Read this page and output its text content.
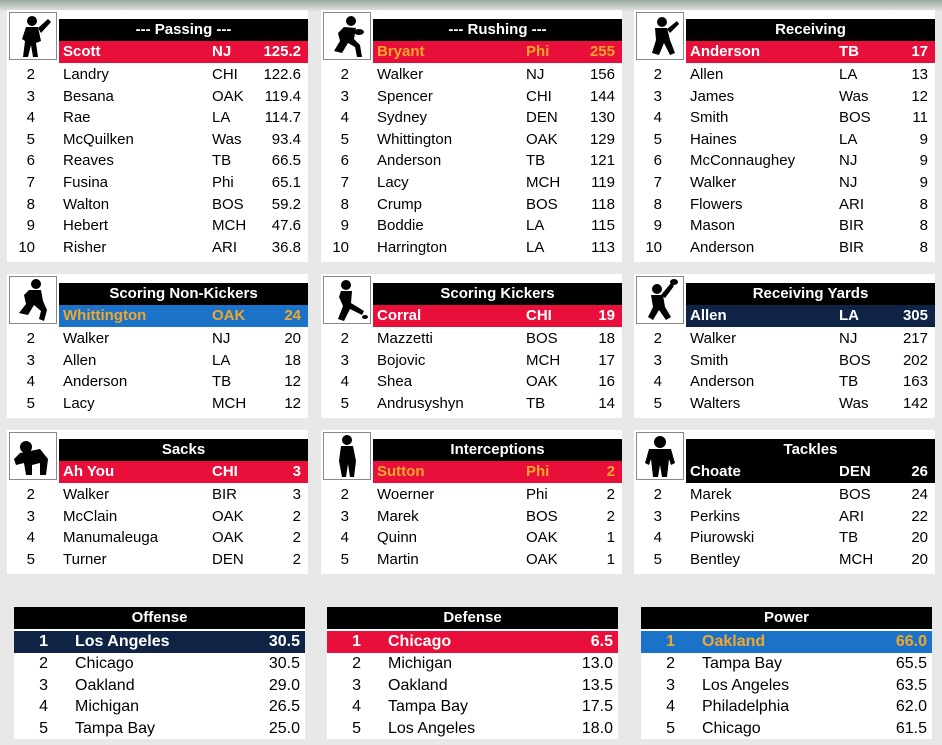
--- Passing ---
Scott	NJ	125.2
2 Landry	CHI	122.6
3 Besana	OAK	119.4
4 Rae	LA	114.7
5 McQuilken	Was	93.4
6 Reaves	TB	66.5
7 Fusina	Phi	65.1
8 Walton	BOS	59.2
9 Hebert	MCH	47.6
10 Risher	ARI	36.8
--- Rushing ---
Bryant	Phi	255
2 Walker	NJ	156
3 Spencer	CHI	144
4 Sydney	DEN	130
5 Whittington	OAK	129
6 Anderson	TB	121
7 Lacy	MCH	119
8 Crump	BOS	118
9 Boddie	LA	115
10 Harrington	LA	113
Receiving
Anderson	TB	17
2 Allen	LA	13
3 James	Was	12
4 Smith	BOS	11
5 Haines	LA	9
6 McConnaughey	NJ	9
7 Walker	NJ	9
8 Flowers	ARI	8
9 Mason	BIR	8
10 Anderson	BIR	8
Scoring Non-Kickers
Whittington	OAK	24
2 Walker	NJ	20
3 Allen	LA	18
4 Anderson	TB	12
5 Lacy	MCH	12
Scoring Kickers
Corral	CHI	19
2 Mazzetti	BOS	18
3 Bojovic	MCH	17
4 Shea	OAK	16
5 Andrusyshyn	TB	14
Receiving Yards
Allen	LA	305
2 Walker	NJ	217
3 Smith	BOS	202
4 Anderson	TB	163
5 Walters	Was	142
Sacks
Ah You	CHI	3
2 Walker	BIR	3
3 McClain	OAK	2
4 Manumaleuga	OAK	2
5 Turner	DEN	2
Interceptions
Sutton	Phi	2
2 Woerner	Phi	2
3 Marek	BOS	2
4 Quinn	OAK	1
5 Martin	OAK	1
Tackles
Choate	DEN	26
2 Marek	BOS	24
3 Perkins	ARI	22
4 Piurowski	TB	20
5 Bentley	MCH	20
Offense
1 Los Angeles	30.5
2 Chicago	30.5
3 Oakland	29.0
4 Michigan	26.5
5 Tampa Bay	25.0
Defense
1 Chicago	6.5
2 Michigan	13.0
3 Oakland	13.5
4 Tampa Bay	17.5
5 Los Angeles	18.0
Power
1 Oakland	66.0
2 Tampa Bay	65.5
3 Los Angeles	63.5
4 Philadelphia	62.0
5 Chicago	61.5
